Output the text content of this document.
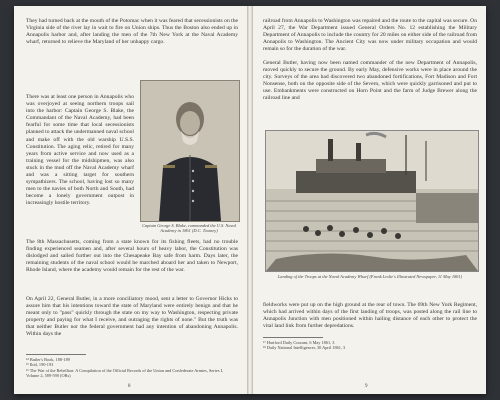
They had turned back at the mouth of the Potomac when it was feared that secessionists on the Virginia side of the river lay in wait to fire on Union ships. Thus the Boston also ended up in Annapolis harbor and, after landing the men of the 7th New York at the Naval Academy wharf, returned to relieve the Maryland of her unhappy cargo.
There was at least one person in Annapolis who was overjoyed at seeing northern troops sail into the harbor: Captain George S. Blake, the Commandant of the Naval Academy, had been fearful for some time that local secessionists planned to attack the undermanned naval school and make off with the old warship U.S.S. Constitution. The aging relic, retired for many years from active service and now used as a training vessel for the midshipmen, was also stuck in the mud off the Naval Academy wharf and was a sitting target for southern sympathizers. The school, having lost so many men to the navies of both North and South, had become a lonely government outpost in increasingly hostile territory.
Captain George S. Blake, commanded the U.S. Naval Academy in 1861 (D.C. Toomey)
The 8th Massachusetts, coming from a state known for its fishing fleets, had no trouble finding experienced seamen and, after several hours of heavy labor, the Constitution was dislodged and sailed further out into the Chesapeake Bay safe from harm. Days later, the remaining students of the naval school would be marched aboard her and taken to Newport, Rhode Island, where the academy would remain for the rest of the war.
On April 22, General Butler, in a more conciliatory mood, sent a letter to Governor Hicks to assure him that his intentions toward the state of Maryland were entirely benign and that he meant only to "pass" quickly through the state on my way to Washington, respecting private property and paying for what I receive, and outraging the rights of none." But the truth was that neither Butler nor the federal government had any intention of abandoning Annapolis. Within days the
¹⁴ Butler's Book, 188-189
¹⁵ Ibid, 190-193
¹⁶ The War of the Rebellion: A Compilation of the Official Records of the Union and Confederate Armies, Series I, Volume 2, 589-590 (ORs)
8
railroad from Annapolis to Washington was repaired and the route to the capital was secure. On April 27, the War Department issued General Orders No. 12 establishing the Military Department of Annapolis to include the country for 20 miles on either side of the railroad from Annapolis to Washington. The Ancient City was now under military occupation and would remain so for the duration of the war.
General Butler, having now been named commander of the new Department of Annapolis, moved quickly to secure the ground. By early May, defensive works were in place around the city. Surveys of the area had discovered two abandoned fortifications, Fort Madison and Fort Nonsense, both on the opposite side of the Severn, which were quickly garrisoned and put to use. Embankments were constructed on Horn Point and the farm of Judge Brewer along the railroad line and
Landing of the Troops at the Naval Academy Wharf (Frank Leslie's Illustrated Newspaper, 11 May 1861)
fieldworks were put up on the high ground at the rear of town. The 69th New York Regiment, which had arrived within days of the first landing of troops, was posted along the rail line to Annapolis Junction with men positioned within hailing distance of each other to protect the vital land link from further depredations.
¹⁷ Hartford Daily Courant, 6 May 1861, 3
¹⁸ Daily National Intelligencer, 30 April 1861, 3
9
